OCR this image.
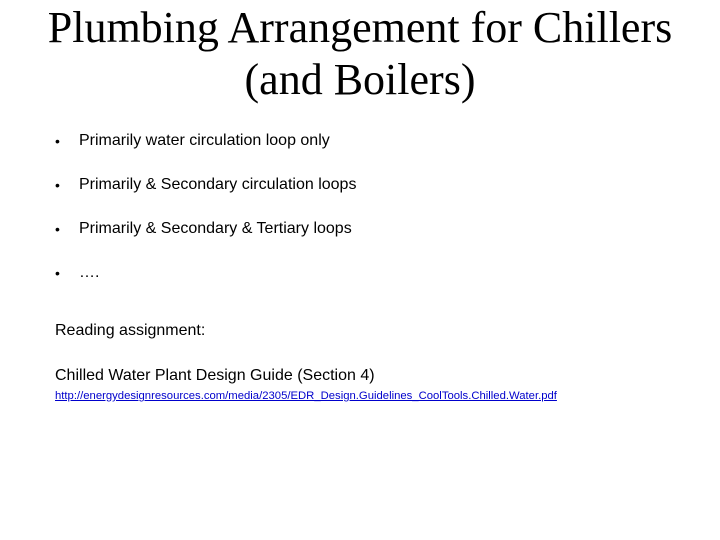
Plumbing Arrangement for Chillers
(and Boilers)
• Primarily water circulation loop only
• Primarily & Secondary circulation loops
• Primarily & Secondary & Tertiary loops
• ….
Reading assignment:
Chilled Water Plant Design Guide (Section 4)
http://energydesignresources.com/media/2305/EDR_Design.Guidelines_CoolTools.Chilled.Water.pdf
